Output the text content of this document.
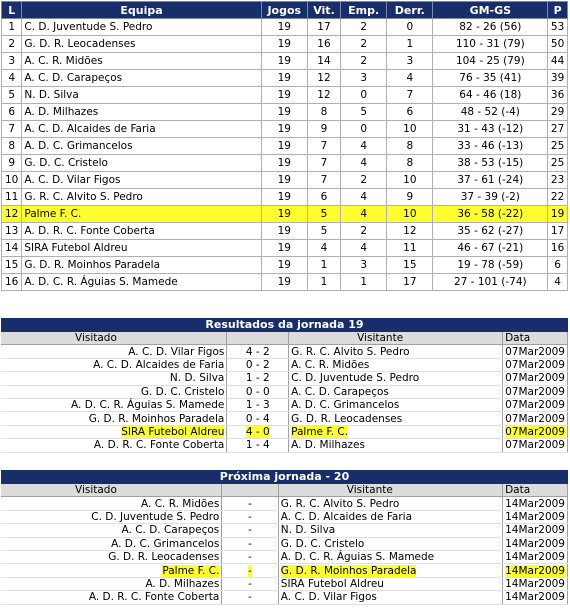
L	Equipa	Jogos	Vit.	Emp.	Derr.	GM-GS	P
1	C. D. Juventude S. Pedro	19	17	2	0	82 - 26 (56)	53
2	G. D. R. Leocadenses	19	16	2	1	110 - 31 (79)	50
3	A. C. R. Midões	19	14	2	3	104 - 25 (79)	44
4	A. C. D. Carapeços	19	12	3	4	76 - 35 (41)	39
5	N. D. Silva	19	12	0	7	64 - 46 (18)	36
6	A. D. Milhazes	19	8	5	6	48 - 52 (-4)	29
7	A. C. D. Alcaides de Faria	19	9	0	10	31 - 43 (-12)	27
8	A. D. C. Grimancelos	19	7	4	8	33 - 46 (-13)	25
9	G. D. C. Cristelo	19	7	4	8	38 - 53 (-15)	25
10	A. C. D. Vilar Figos	19	7	2	10	37 - 61 (-24)	23
11	G. R. C. Alvito S. Pedro	19	6	4	9	37 - 39 (-2)	22
12	Palme F. C.	19	5	4	10	36 - 58 (-22)	19
13	A. D. R. C. Fonte Coberta	19	5	2	12	35 - 62 (-27)	17
14	SIRA Futebol Aldreu	19	4	4	11	46 - 67 (-21)	16
15	G. D. R. Moinhos Paradela	19	1	3	15	19 - 78 (-59)	6
16	A. D. C. R. Águias S. Mamede	19	1	1	17	27 - 101 (-74)	4
Resultados da jornada 19
Visitado		Visitante	Data
A. C. D. Vilar Figos	4 - 2	G. R. C. Alvito S. Pedro	07Mar2009
A. C. D. Alcaides de Faria	0 - 2	A. C. R. Midões	07Mar2009
N. D. Silva	1 - 2	C. D. Juventude S. Pedro	07Mar2009
G. D. C. Cristelo	0 - 0	A. C. D. Carapeços	07Mar2009
A. D. C. R. Águias S. Mamede	1 - 3	A. D. C. Grimancelos	07Mar2009
G. D. R. Moinhos Paradela	0 - 4	G. D. R. Leocadenses	07Mar2009
SIRA Futebol Aldreu	4 - 0	Palme F. C.	07Mar2009
A. D. R. C. Fonte Coberta	1 - 4	A. D. Milhazes	07Mar2009
Próxima jornada - 20
Visitado		Visitante	Data
A. C. R. Midões	-	G. R. C. Alvito S. Pedro	14Mar2009
C. D. Juventude S. Pedro	-	A. C. D. Alcaides de Faria	14Mar2009
A. C. D. Carapeços	-	N. D. Silva	14Mar2009
A. D. C. Grimancelos	-	G. D. C. Cristelo	14Mar2009
G. D. R. Leocadenses	-	A. D. C. R. Águias S. Mamede	14Mar2009
Palme F. C.	-	G. D. R. Moinhos Paradela	14Mar2009
A. D. Milhazes	-	SIRA Futebol Aldreu	14Mar2009
A. D. R. C. Fonte Coberta	-	A. C. D. Vilar Figos	14Mar2009
